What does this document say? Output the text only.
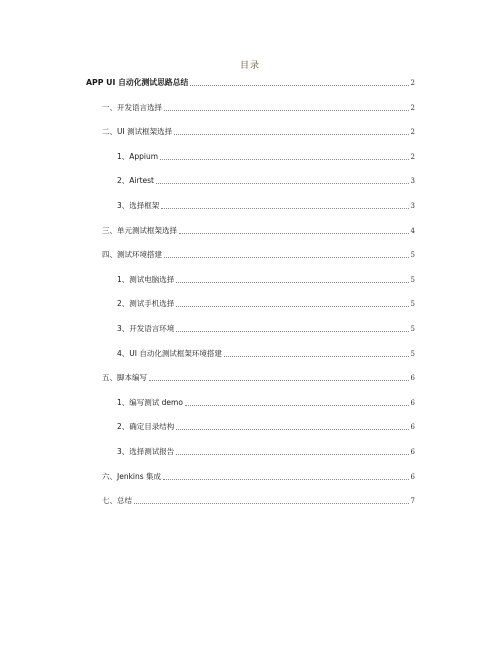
目录
APP UI 自动化测试思路总结	2
一、开发语言选择	2
二、UI 测试框架选择	2
1、Appium	2
2、Airtest	3
3、选择框架	3
三、单元测试框架选择	4
四、测试环境搭建	5
1、测试电脑选择	5
2、测试手机选择	5
3、开发语言环境	5
4、UI 自动化测试框架环境搭建	5
五、脚本编写	6
1、编写测试 demo	6
2、确定目录结构	6
3、选择测试报告	6
六、Jenkins 集成	6
七、总结	7
